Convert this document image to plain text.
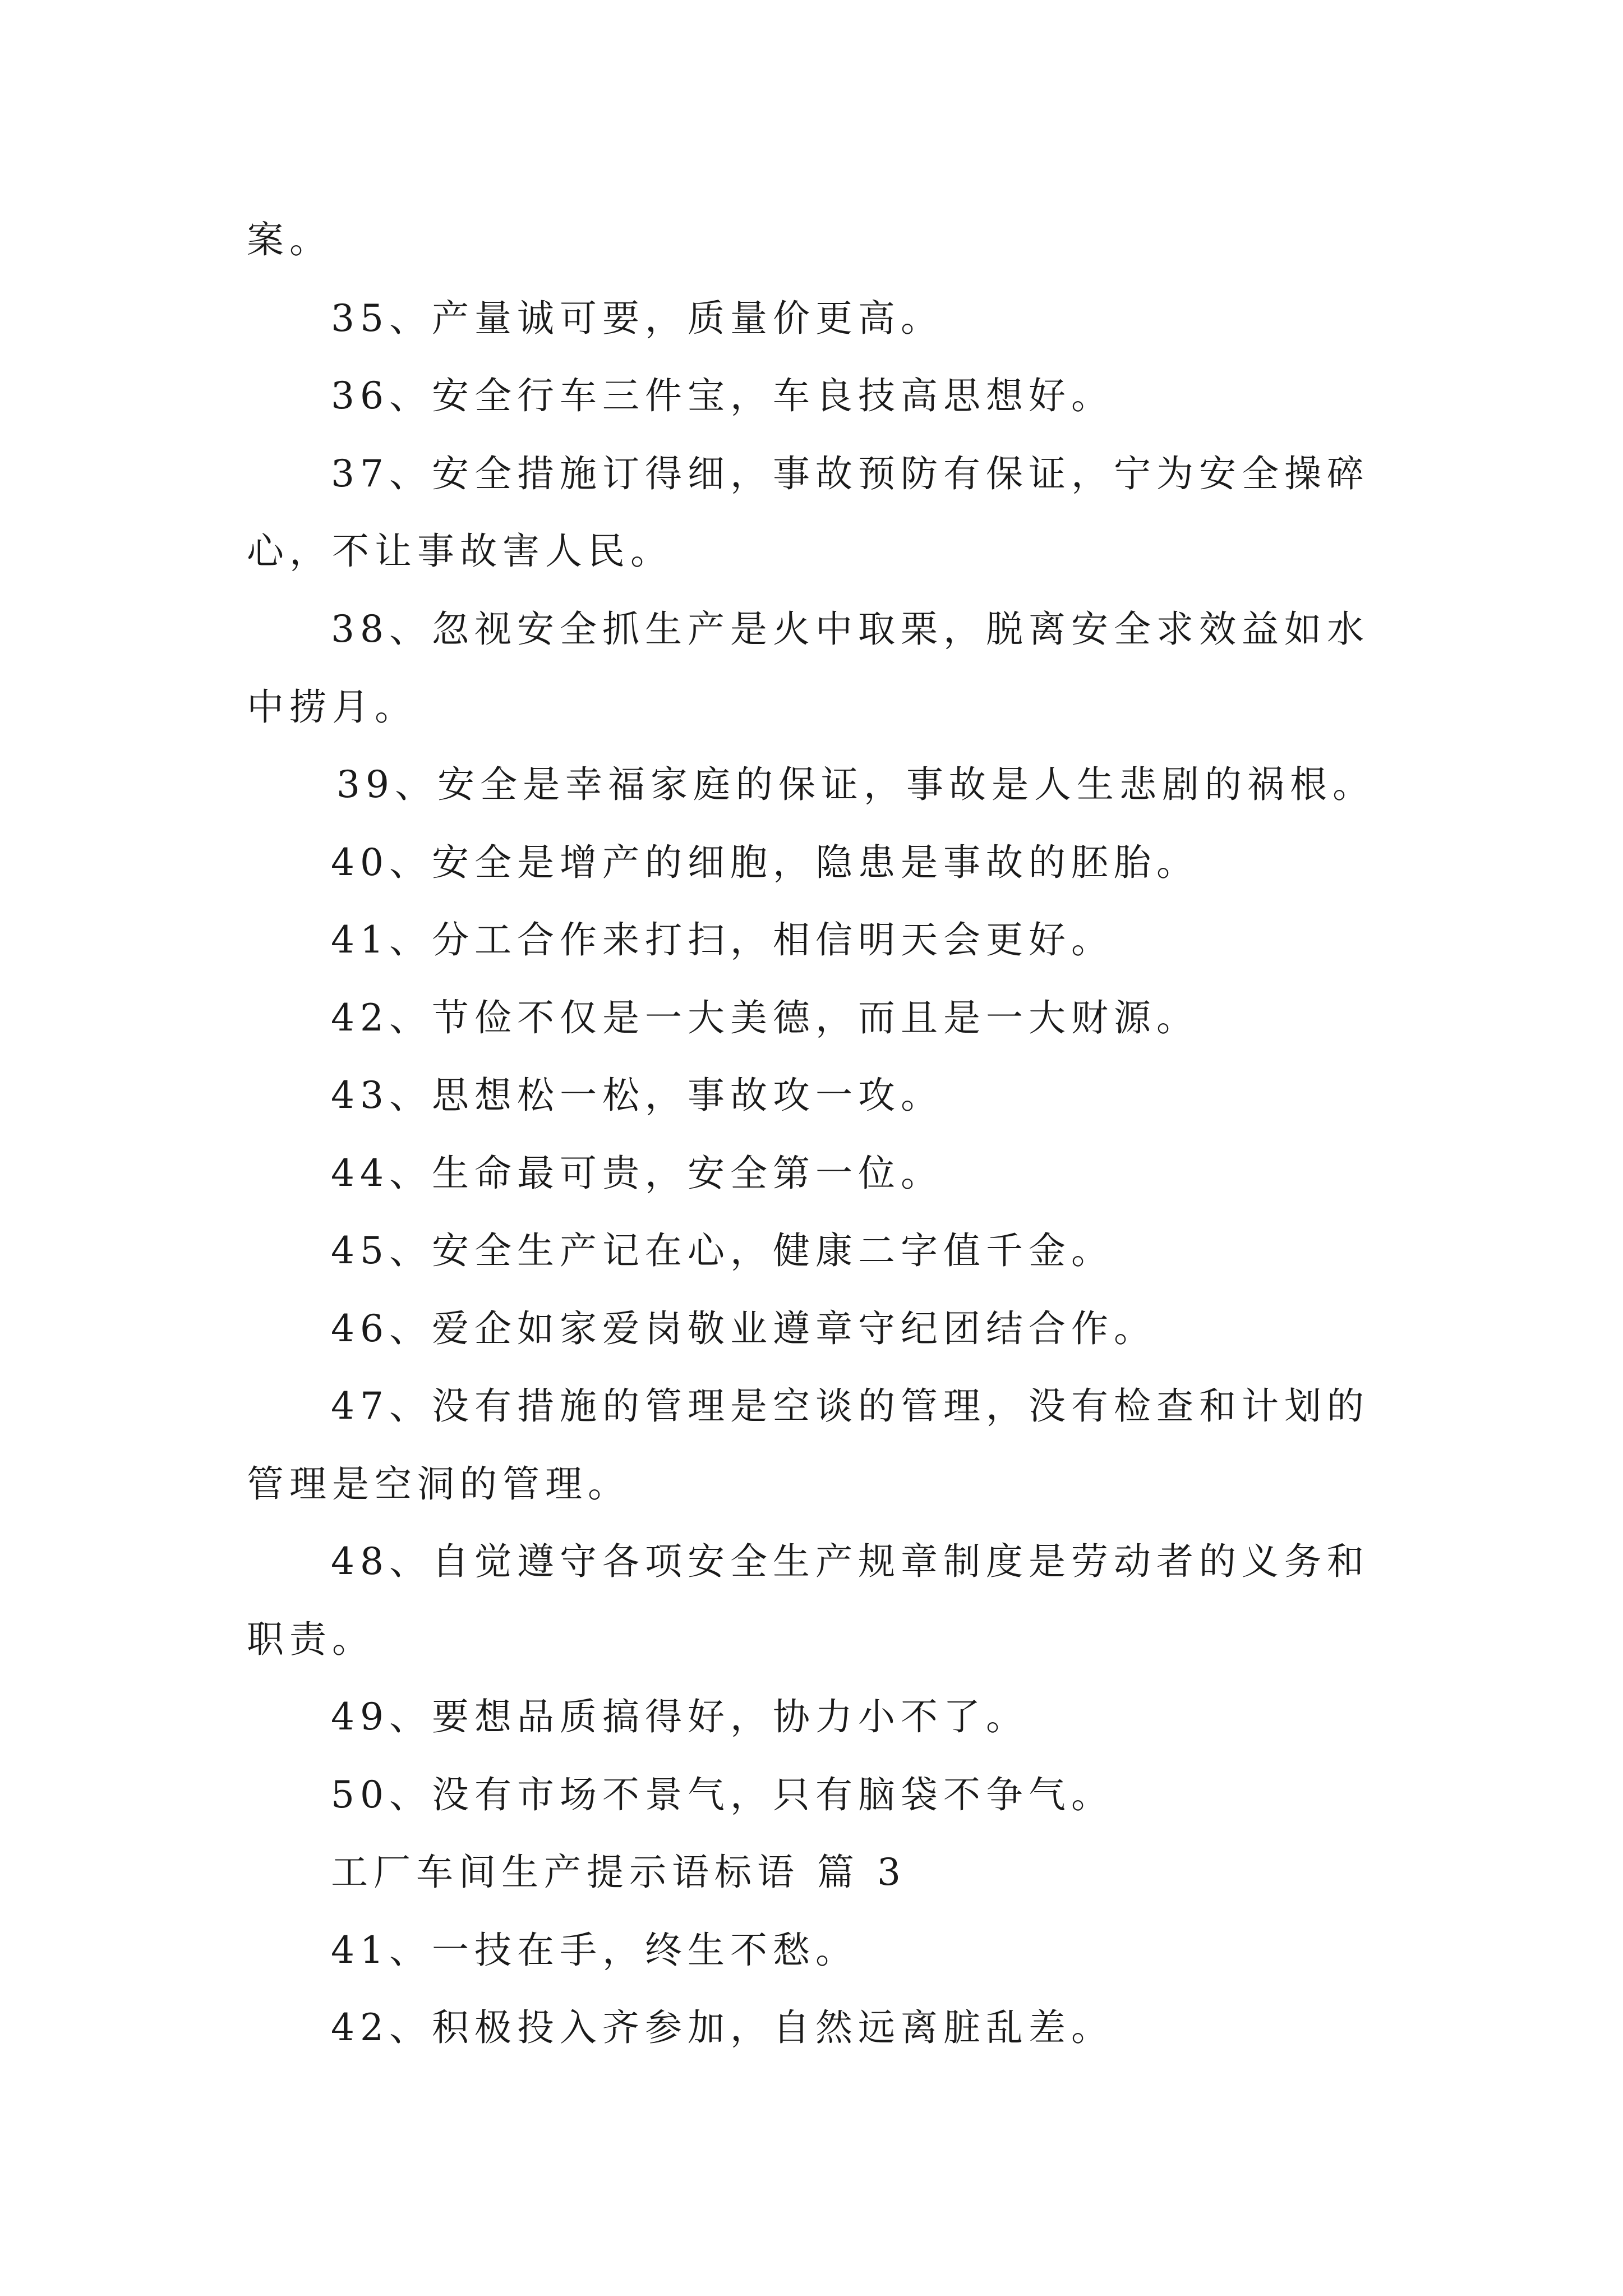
案。
35、产量诚可要，质量价更高。
36、安全行车三件宝，车良技高思想好。
37、安全措施订得细，事故预防有保证，宁为安全操碎
心，不让事故害人民。
38、忽视安全抓生产是火中取栗，脱离安全求效益如水
中捞月。
39、安全是幸福家庭的保证，事故是人生悲剧的祸根。
40、安全是增产的细胞，隐患是事故的胚胎。
41、分工合作来打扫，相信明天会更好。
42、节俭不仅是一大美德，而且是一大财源。
43、思想松一松，事故攻一攻。
44、生命最可贵，安全第一位。
45、安全生产记在心，健康二字值千金。
46、爱企如家爱岗敬业遵章守纪团结合作。
47、没有措施的管理是空谈的管理，没有检查和计划的
管理是空洞的管理。
48、自觉遵守各项安全生产规章制度是劳动者的义务和
职责。
49、要想品质搞得好，协力小不了。
50、没有市场不景气，只有脑袋不争气。
工厂车间生产提示语标语 篇 3
41、一技在手，终生不愁。
42、积极投入齐参加，自然远离脏乱差。
